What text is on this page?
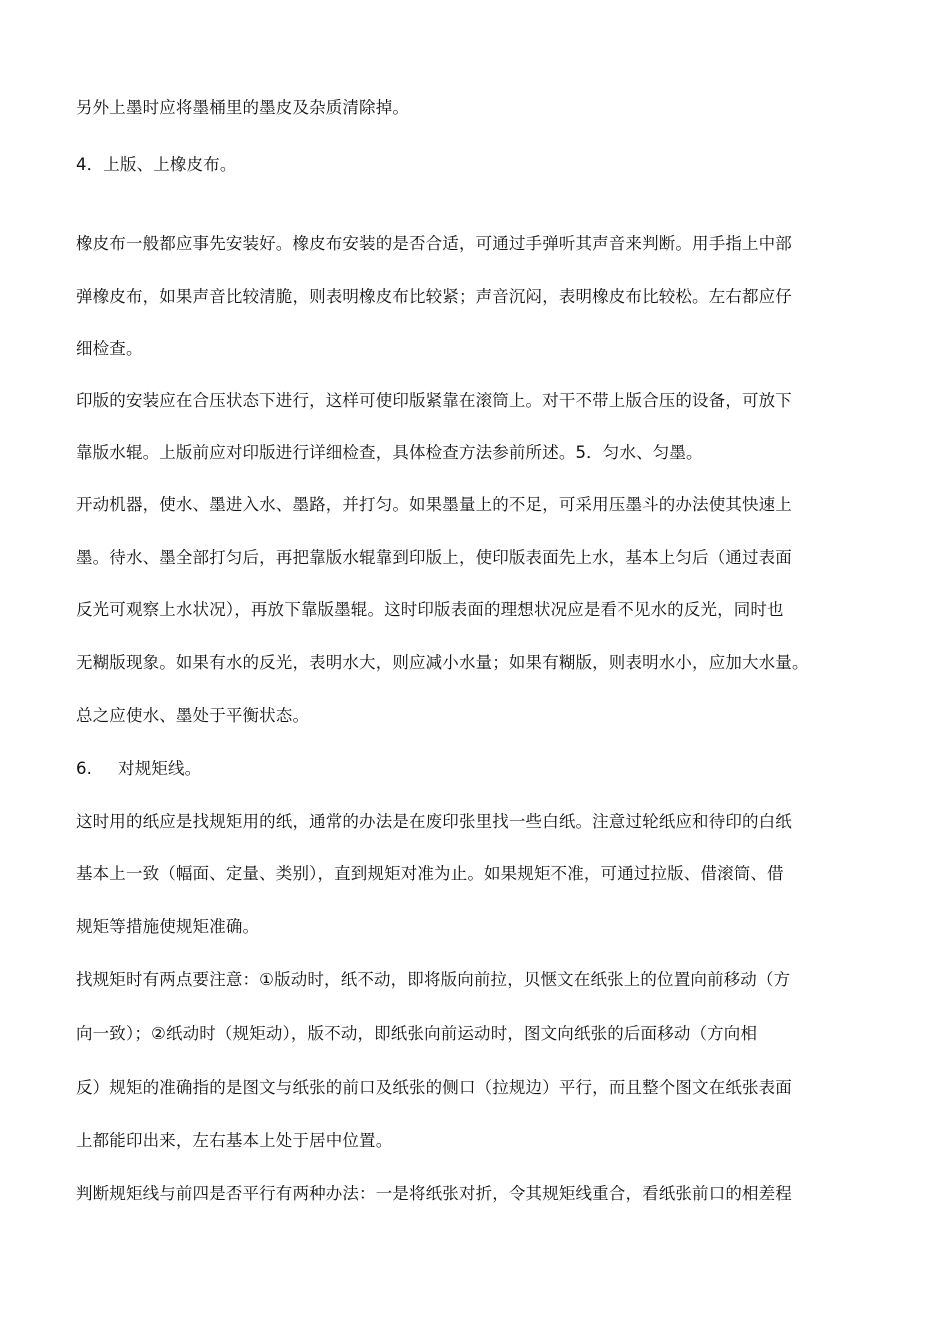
另外上墨时应将墨桶里的墨皮及杂质清除掉。
4．上版、上橡皮布。
橡皮布一般都应事先安装好。橡皮布安装的是否合适，可通过手弹听其声音来判断。用手指上中部
弹橡皮布，如果声音比较清脆，则表明橡皮布比较紧；声音沉闷，表明橡皮布比较松。左右都应仔
细检查。
印版的安装应在合压状态下进行，这样可使印版紧靠在滚筒上。对干不带上版合压的设备，可放下
靠版水辊。上版前应对印版进行详细检查，具体检查方法参前所述。5．匀水、匀墨。
开动机器，使水、墨进入水、墨路，并打匀。如果墨量上的不足，可采用压墨斗的办法使其快速上
墨。待水、墨全部打匀后，再把靠版水辊靠到印版上，使印版表面先上水，基本上匀后（通过表面
反光可观察上水状况），再放下靠版墨辊。这时印版表面的理想状况应是看不见水的反光，同时也
无糊版现象。如果有水的反光，表明水大，则应减小水量；如果有糊版，则表明水小，应加大水量。
总之应使水、墨处于平衡状态。
6. 对规矩线。
这时用的纸应是找规矩用的纸，通常的办法是在废印张里找一些白纸。注意过轮纸应和待印的白纸
基本上一致（幅面、定量、类别），直到规矩对准为止。如果规矩不准，可通过拉版、借滚筒、借
规矩等措施使规矩准确。
找规矩时有两点要注意：①版动时，纸不动，即将版向前拉，贝惬文在纸张上的位置向前移动（方
向一致）；②纸动时（规矩动），版不动，即纸张向前运动时，图文向纸张的后面移动（方向相
反）规矩的准确指的是图文与纸张的前口及纸张的侧口（拉规边）平行，而且整个图文在纸张表面
上都能印出来，左右基本上处于居中位置。
判断规矩线与前四是否平行有两种办法：一是将纸张对折，令其规矩线重合，看纸张前口的相差程
